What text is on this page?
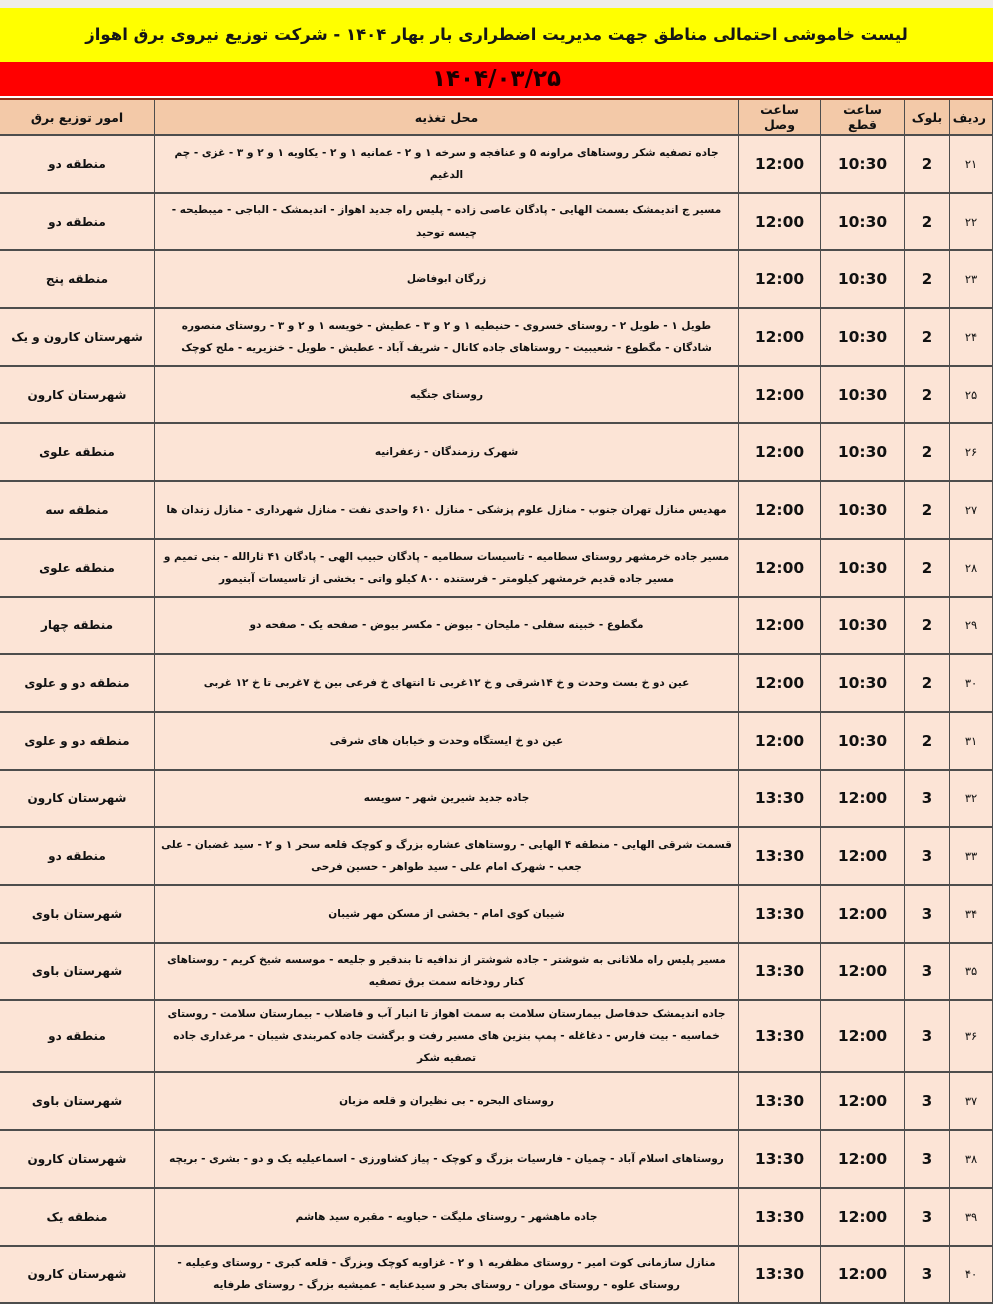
لیست خاموشی احتمالی مناطق جهت مدیریت اضطراری بار بهار ۱۴۰۴ - شرکت توزیع نیروی برق اهواز
۱۴۰۴/۰۳/۲۵
ردیف	بلوک	ساعت قطع	ساعت وصل	محل تغذیه	امور توزیع برق
۲۱	2	10:30	12:00	جاده تصفیه شکر روستاهای مراونه ۵ و عنافجه و سرخه ۱ و ۲ - عمانیه ۱ و ۲ - یکاویه ۱ و ۲ و ۳ - غزی - چم الدغیم	منطقه دو
۲۲	2	10:30	12:00	مسیر ج اندیمشک بسمت الهایی - پادگان عاصی زاده - پلیس راه جدید اهواز - اندیمشک - الباجی - میبطیحه - چیسه توحید	منطقه دو
۲۳	2	10:30	12:00	زرگان ابوفاضل	منطقه پنج
۲۴	2	10:30	12:00	طویل ۱ - طویل ۲ - روستای خسروی - حنیطیه ۱ و ۲ و ۳ - عطیش - خویسه ۱ و ۲ و ۳ - روستای منصوره شادگان - مگطوع - شعیبیت - روستاهای جاده کانال - شریف آباد - عطیش - طویل - خنزیریه - ملح کوچک	شهرستان کارون و یک
۲۵	2	10:30	12:00	روستای جنگیه	شهرستان کارون
۲۶	2	10:30	12:00	شهرک رزمندگان - زعفرانیه	منطقه علوی
۲۷	2	10:30	12:00	مهدیس منازل تهران جنوب - منازل علوم پزشکی - منازل ۶۱۰ واحدی نفت - منازل شهرداری - منازل زندان ها	منطقه سه
۲۸	2	10:30	12:00	مسیر جاده خرمشهر روستای سطامیه - تاسیسات سطامیه - پادگان حبیب الهی - پادگان ۴۱ ثارالله - بنی تمیم و مسیر جاده قدیم خرمشهر کیلومتر - فرستنده ۸۰۰ کیلو واتی - بخشی از تاسیسات آبتیمور	منطقه علوی
۲۹	2	10:30	12:00	مگطوع - خبینه سفلی - ملیحان - بیوض - مکسر بیوض - صفحه یک - صفحه دو	منطقه چهار
۳۰	2	10:30	12:00	عین دو خ بست وحدت و خ ۱۴شرقی و خ ۱۲غربی تا انتهای خ فرعی بین خ ۷غربی تا خ ۱۲ غربی	منطقه دو و علوی
۳۱	2	10:30	12:00	عین دو خ ایستگاه وحدت و خیابان های شرقی	منطقه دو و علوی
۳۲	3	12:00	13:30	جاده جدید شیرین شهر - سویسه	شهرستان کارون
۳۳	3	12:00	13:30	قسمت شرقی الهایی - منطقه ۴ الهایی - روستاهای عشاره بزرگ و کوچک قلعه سحر ۱ و ۲ - سید غضبان - علی جعب - شهرک امام علی - سید طواهر - حسین فرحی	منطقه دو
۳۴	3	12:00	13:30	شیبان کوی امام - بخشی از مسکن مهر شیبان	شهرستان باوی
۳۵	3	12:00	13:30	مسیر پلیس راه ملاثانی به شوشتر - جاده شوشتر از ندافیه تا بندقیر و جلیعه - موسسه شیخ کریم - روستاهای کنار رودخانه سمت برق تصفیه	شهرستان باوی
۳۶	3	12:00	13:30	جاده اندیمشک حدفاصل بیمارستان سلامت به سمت اهواز تا انبار آب و فاضلاب - بیمارستان سلامت - روستای خماسیه - بیت فارس - دغاغله - پمپ بنزین های مسیر رفت و برگشت جاده کمربندی شیبان - مرغداری جاده تصفیه شکر	منطقه دو
۳۷	3	12:00	13:30	روستای البحره - بی نظیران و قلعه مزبان	شهرستان باوی
۳۸	3	12:00	13:30	روستاهای اسلام آباد - چمیان - فارسیات بزرگ و کوچک - پیاز کشاورزی - اسماعیلیه یک و دو - بشری - بریچه	شهرستان کارون
۳۹	3	12:00	13:30	جاده ماهشهر - روستای ملیگت - حیاویه - مقبره سید هاشم	منطقه یک
۴۰	3	12:00	13:30	منازل سازمانی کوت امیر - روستای مظفریه ۱ و ۲ - غزاویه کوچک وبزرگ - قلعه کبری - روستای وعیلیه - روستای علوه - روستای موران - روستای بحر و سیدعنایه - عمیشیه بزرگ - روستای طرفایه	شهرستان کارون
